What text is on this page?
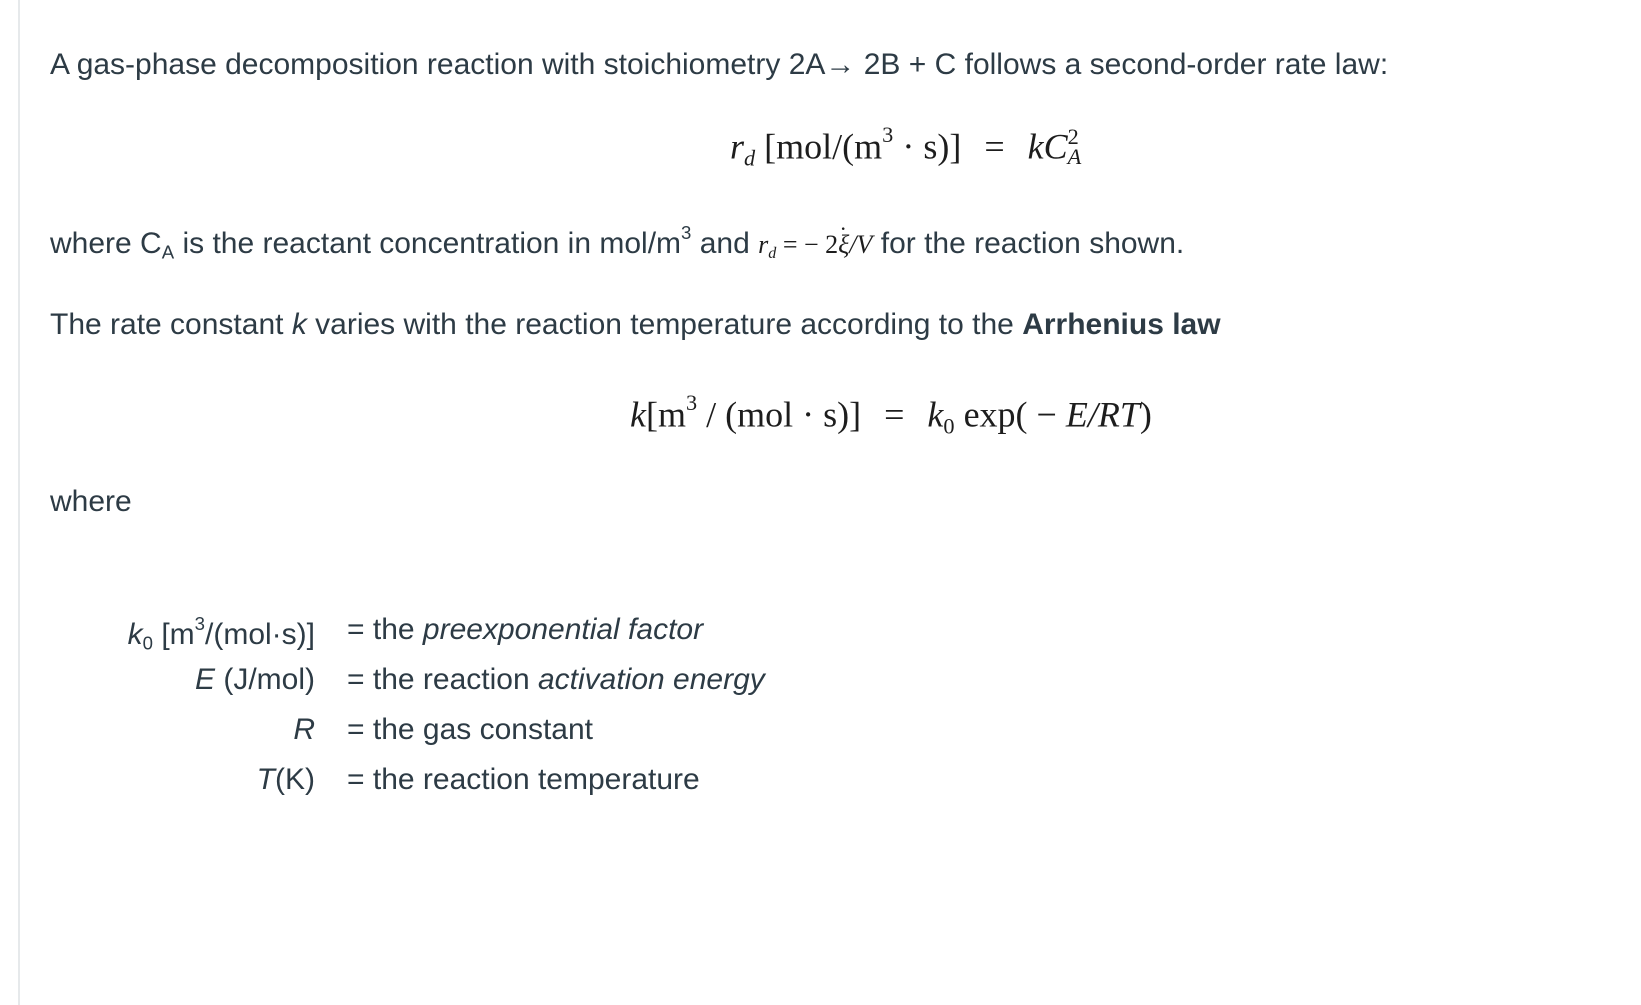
A gas-phase decomposition reaction with stoichiometry 2A→ 2B + C follows a second-order rate law:
$r_d$ $[mol/(m^3 \cdot s)]$ = kC 2
A
where $C_A$ is the reactant concentration in mol/$m^3$ and $r_d$ = − 2· ξ/V for the reaction shown.
The rate constant k varies with the reaction temperature according to the Arrhenius law
$k[m^3 / (mol \cdot s)] = k_0$ exp( − E/RT)
where
$k_0$ $[m^3/(mol\cdot s)]$ = the preexponential factor
E (J/mol) = the reaction activation energy
R = the gas constant
T(K) = the reaction temperature
